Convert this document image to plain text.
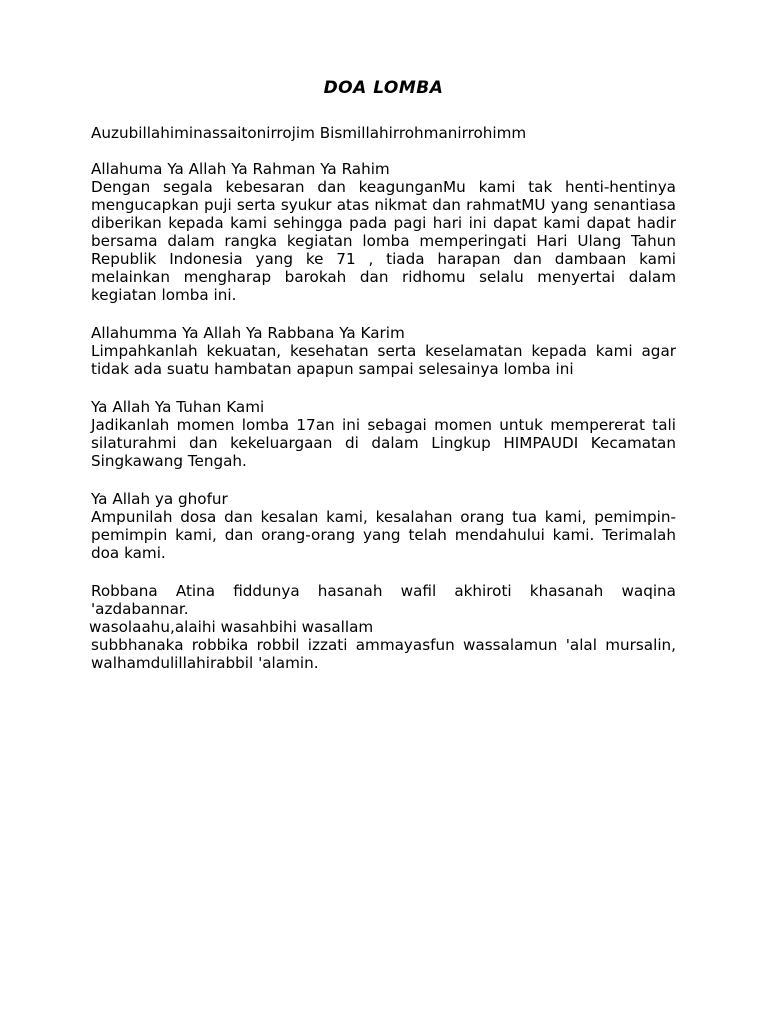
DOA LOMBA

Auzubillahiminassaitonirrojim Bismillahirrohmanirrohimm

Allahuma Ya Allah Ya Rahman Ya Rahim

Dengan segala kebesaran dan keagunganMu kami tak henti-hentinya mengucapkan puji serta syukur atas nikmat dan rahmatMU yang senantiasa diberikan kepada kami sehingga pada pagi hari ini dapat kami dapat hadir bersama dalam rangka kegiatan lomba memperingati Hari Ulang Tahun Republik Indonesia yang ke 71 , tiada harapan dan dambaan kami melainkan mengharap barokah dan ridhomu selalu menyertai dalam kegiatan lomba ini.

Allahumma Ya Allah Ya Rabbana Ya Karim

Limpahkanlah kekuatan, kesehatan serta keselamatan kepada kami agar tidak ada suatu hambatan apapun sampai selesainya lomba ini

Ya Allah Ya Tuhan Kami

Jadikanlah momen lomba 17an ini sebagai momen untuk mempererat tali silaturahmi dan kekeluargaan di dalam Lingkup HIMPAUDI Kecamatan Singkawang Tengah.

Ya Allah ya ghofur

Ampunilah dosa dan kesalan kami, kesalahan orang tua kami, pemimpin-pemimpin kami, dan orang-orang yang telah mendahului kami. Terimalah doa kami.

Robbana Atina fiddunya hasanah wafil akhiroti khasanah waqina 'azdabannar.

wasolaahu,alaihi wasahbihi wasallam

subbhanaka robbika robbil izzati ammayasfun wassalamun 'alal mursalin, walhamdulillahirabbil 'alamin.
